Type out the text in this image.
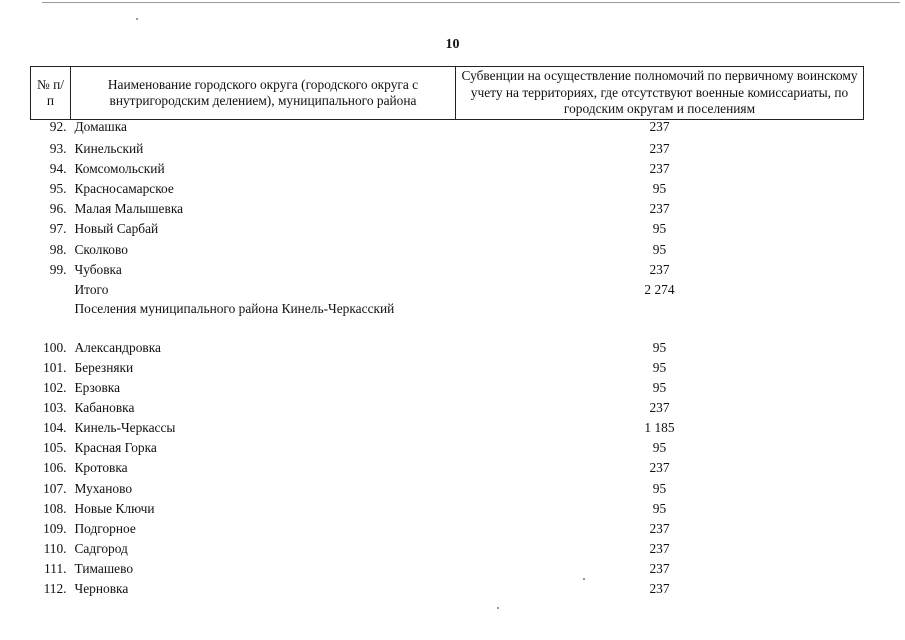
10
№ п/п	Наименование городского округа (городского округа с внутригородским делением), муниципального района	Субвенции на осуществление полномочий по первичному воинскому учету на территориях, где отсутствуют военные комиссариаты, по городским округам и поселениям
92.	Домашка	237
93.	Кинельский	237
94.	Комсомольский	237
95.	Красносамарское	95
96.	Малая Малышевка	237
97.	Новый Сарбай	95
98.	Сколково	95
99.	Чубовка	237
	Итого	2 274
	Поселения муниципального района Кинель-Черкасский	
100.	Александровка	95
101.	Березняки	95
102.	Ерзовка	95
103.	Кабановка	237
104.	Кинель-Черкассы	1 185
105.	Красная Горка	95
106.	Кротовка	237
107.	Муханово	95
108.	Новые Ключи	95
109.	Подгорное	237
110.	Садгород	237
111.	Тимашево	237
112.	Черновка	237
